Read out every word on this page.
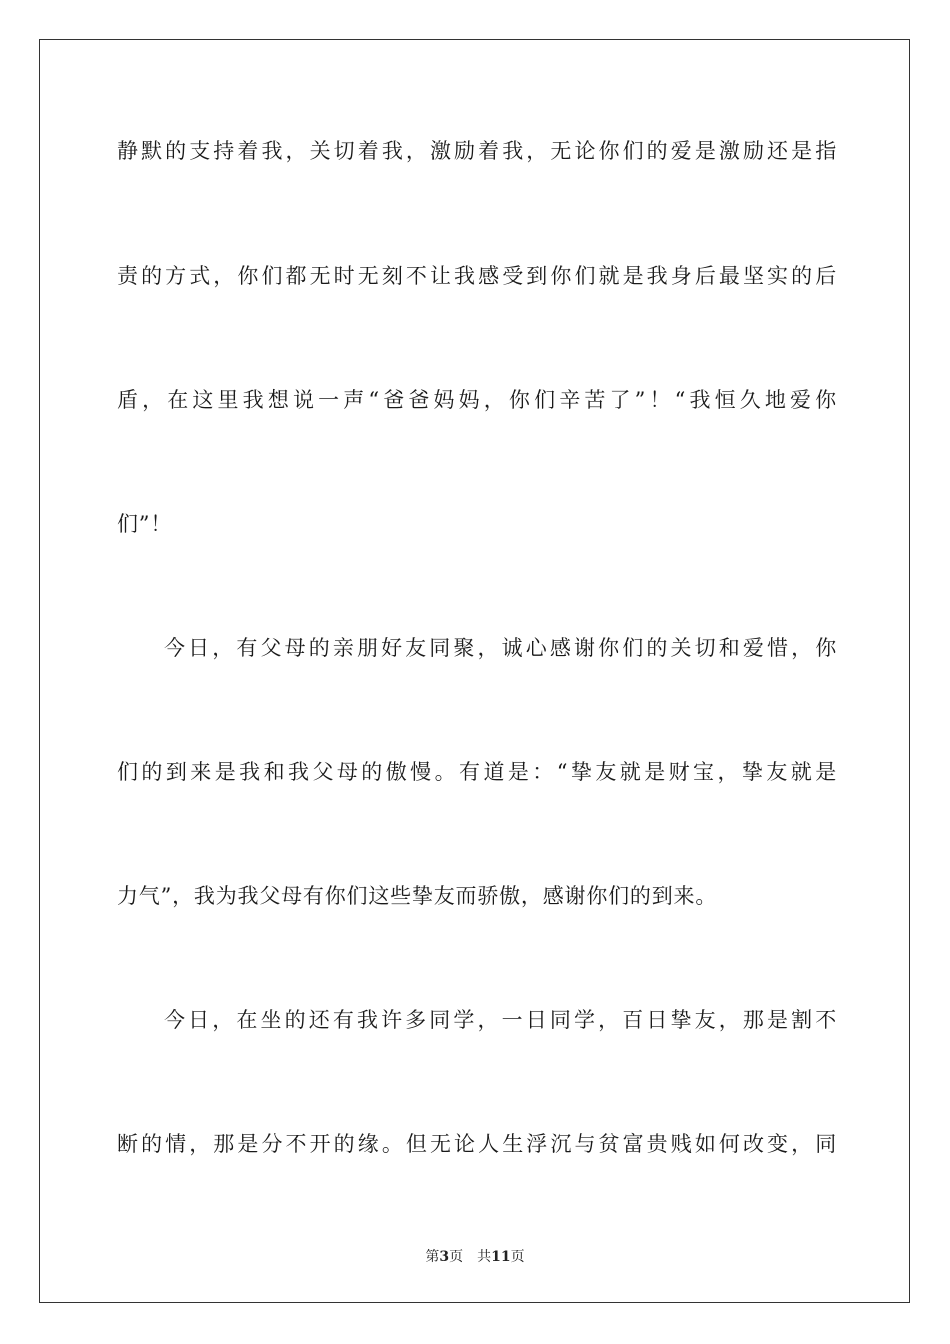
静默的支持着我，关切着我，激励着我，无论你们的爱是激励还是指
责的方式，你们都无时无刻不让我感受到你们就是我身后最坚实的后
盾，在这里我想说一声“爸爸妈妈，你们辛苦了”！“我恒久地爱你
们”！
今日，有父母的亲朋好友同聚，诚心感谢你们的关切和爱惜，你
们的到来是我和我父母的傲慢。有道是：“挚友就是财宝，挚友就是
力气”，我为我父母有你们这些挚友而骄傲，感谢你们的到来。
今日，在坐的还有我许多同学，一日同学，百日挚友，那是割不
断的情，那是分不开的缘。但无论人生浮沉与贫富贵贱如何改变，同
第3页 共11页
